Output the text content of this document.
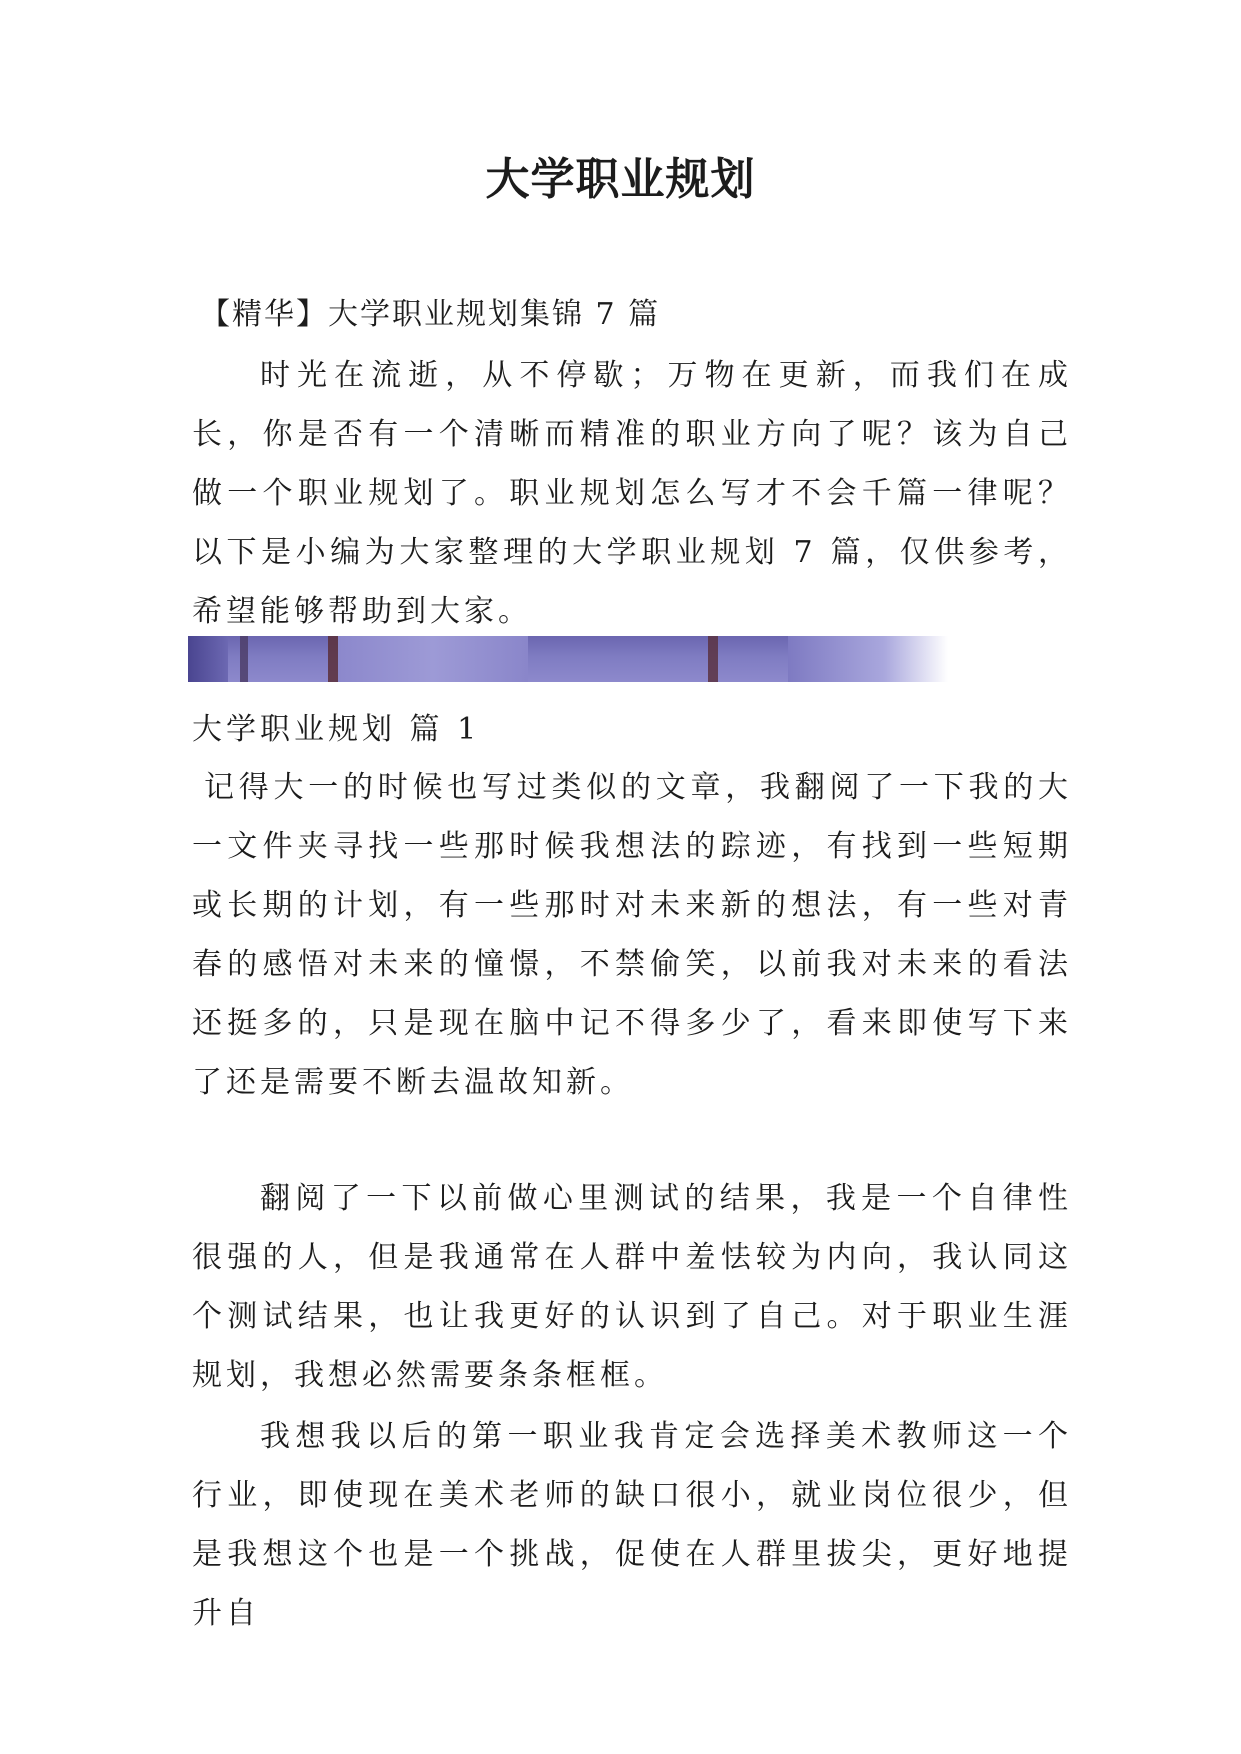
大学职业规划

【精华】大学职业规划集锦 7 篇

时光在流逝，从不停歇；万物在更新，而我们在成长，你是否有一个清晰而精准的职业方向了呢？该为自己做一个职业规划了。职业规划怎么写才不会千篇一律呢？以下是小编为大家整理的大学职业规划 7 篇，仅供参考，希望能够帮助到大家。

大学职业规划 篇 1

记得大一的时候也写过类似的文章，我翻阅了一下我的大一文件夹寻找一些那时候我想法的踪迹，有找到一些短期或长期的计划，有一些那时对未来新的想法，有一些对青春的感悟对未来的憧憬，不禁偷笑，以前我对未来的看法还挺多的，只是现在脑中记不得多少了，看来即使写下来了还是需要不断去温故知新。

翻阅了一下以前做心里测试的结果，我是一个自律性很强的人，但是我通常在人群中羞怯较为内向，我认同这个测试结果，也让我更好的认识到了自己。对于职业生涯规划，我想必然需要条条框框。

我想我以后的第一职业我肯定会选择美术教师这一个行业，即使现在美术老师的缺口很小，就业岗位很少，但是我想这个也是一个挑战，促使在人群里拔尖，更好地提升自
